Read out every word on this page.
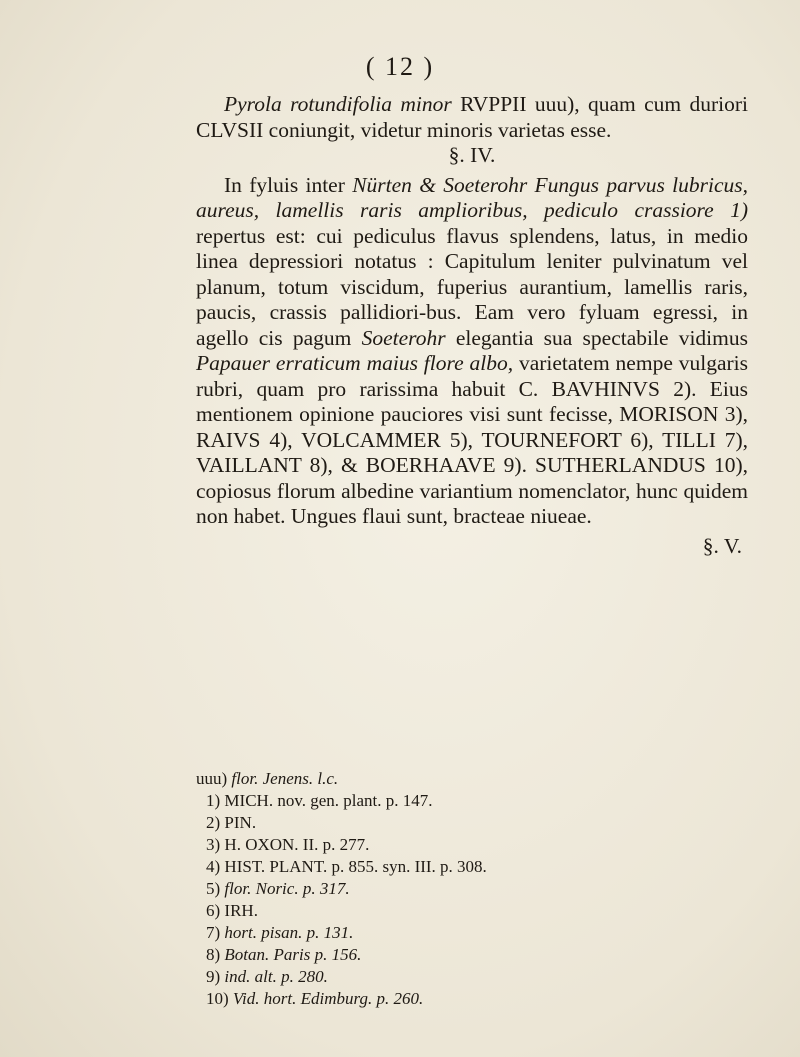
( 12 )

Pyrola rotundifolia minor RVPPII uuu), quam cum duriori CLVSII coniungit, videtur minoris varietas esse.

§. IV.

In fyluis inter Nürten & Soeterohr Fungus parvus lubricus, aureus, lamellis raris amplioribus, pediculo crassiore 1) repertus est: cui pediculus flavus splendens, latus, in medio linea depressiori notatus : Capitulum leniter pulvinatum vel planum, totum viscidum, fuperius aurantium, lamellis raris, paucis, crassis pallidiori-bus. Eam vero fyluam egressi, in agello cis pagum Soeterohr elegantia sua spectabile vidimus Papauer erraticum maius flore albo, varietatem nempe vulgaris rubri, quam pro rarissima habuit C. BAVHINVS 2). Eius mentionem opinione pauciores visi sunt fecisse, MORISON 3), RAIVS 4), VOLCAMMER 5), TOURNEFORT 6), TILLI 7), VAILLANT 8), & BOERHAAVE 9). SUTHERLANDUS 10), copiosus florum albedine variantium nomenclator, hunc quidem non habet. Ungues flaui sunt, bracteae niueae.

§. V.
uuu) flor. Jenens. l.c.
1) MICH. nov. gen. plant. p. 147.
2) PIN.
3) H. OXON. II. p. 277.
4) HIST. PLANT. p. 855. syn. III. p. 308.
5) flor. Noric. p. 317.
6) IRH.
7) hort. pisan. p. 131.
8) Botan. Paris p. 156.
9) ind. alt. p. 280.
10) Vid. hort. Edimburg. p. 260.
